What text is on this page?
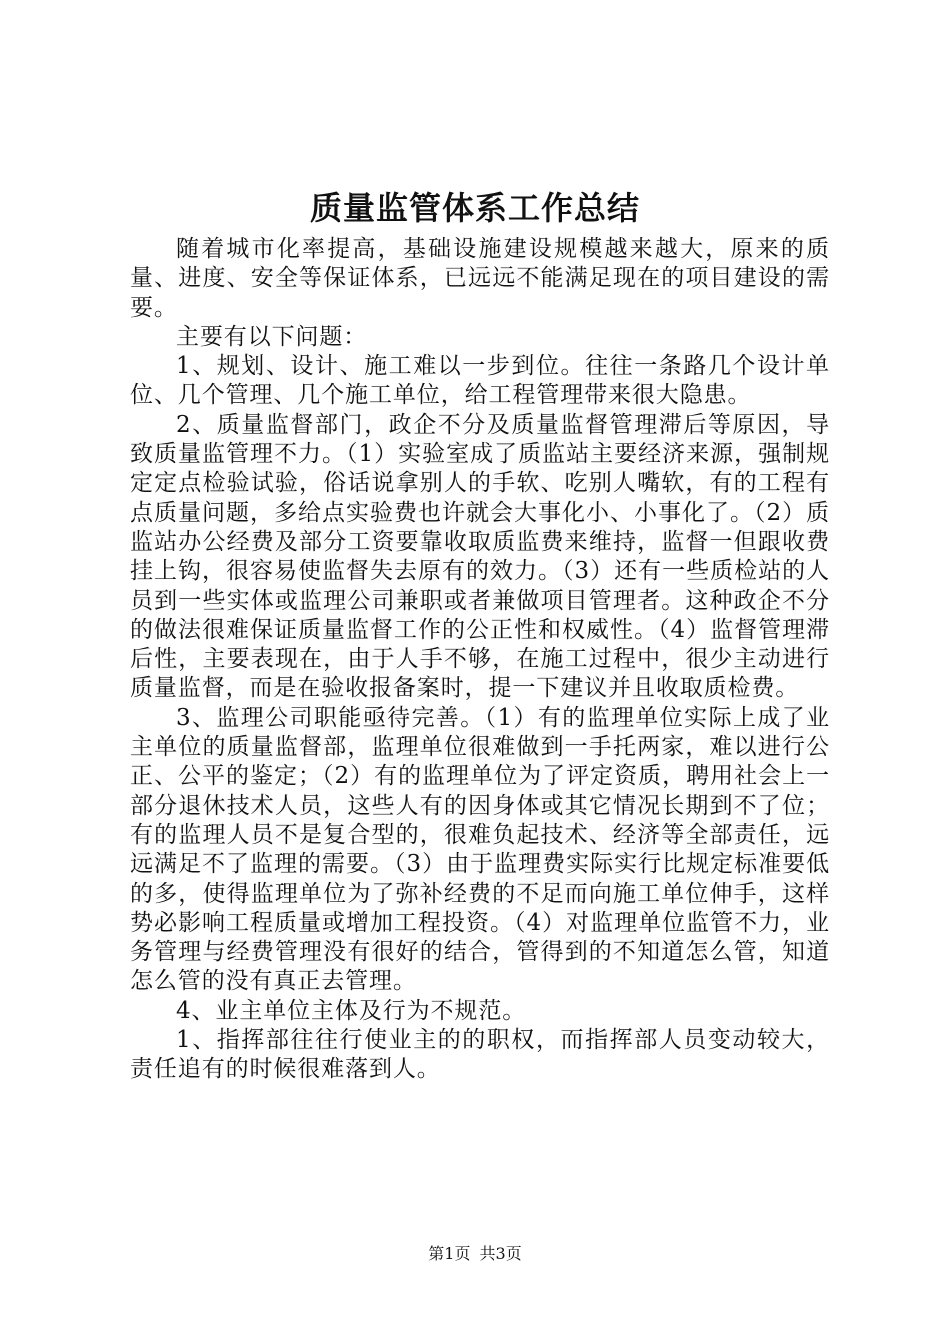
质量监管体系工作总结

随着城市化率提高，基础设施建设规模越来越大，原来的质量、进度、安全等保证体系，已远远不能满足现在的项目建设的需要。

主要有以下问题：

1、规划、设计、施工难以一步到位。往往一条路几个设计单位、几个管理、几个施工单位，给工程管理带来很大隐患。

2、质量监督部门，政企不分及质量监督管理滞后等原因，导致质量监管理不力。（1）实验室成了质监站主要经济来源，强制规定定点检验试验，俗话说拿别人的手软、吃别人嘴软，有的工程有点质量问题，多给点实验费也许就会大事化小、小事化了。（2）质监站办公经费及部分工资要靠收取质监费来维持，监督一但跟收费挂上钩，很容易使监督失去原有的效力。（3）还有一些质检站的人员到一些实体或监理公司兼职或者兼做项目管理者。这种政企不分的做法很难保证质量监督工作的公正性和权威性。（4）监督管理滞后性，主要表现在，由于人手不够，在施工过程中，很少主动进行质量监督，而是在验收报备案时，提一下建议并且收取质检费。

3、监理公司职能亟待完善。（1）有的监理单位实际上成了业主单位的质量监督部，监理单位很难做到一手托两家，难以进行公正、公平的鉴定；（2）有的监理单位为了评定资质，聘用社会上一部分退休技术人员，这些人有的因身体或其它情况长期到不了位；有的监理人员不是复合型的，很难负起技术、经济等全部责任，远远满足不了监理的需要。（3）由于监理费实际实行比规定标准要低的多，使得监理单位为了弥补经费的不足而向施工单位伸手，这样势必影响工程质量或增加工程投资。（4）对监理单位监管不力，业务管理与经费管理没有很好的结合，管得到的不知道怎么管，知道怎么管的没有真正去管理。

4、业主单位主体及行为不规范。

1、指挥部往往行使业主的的职权，而指挥部人员变动较大，责任追有的时候很难落到人。

第1页 共3页
